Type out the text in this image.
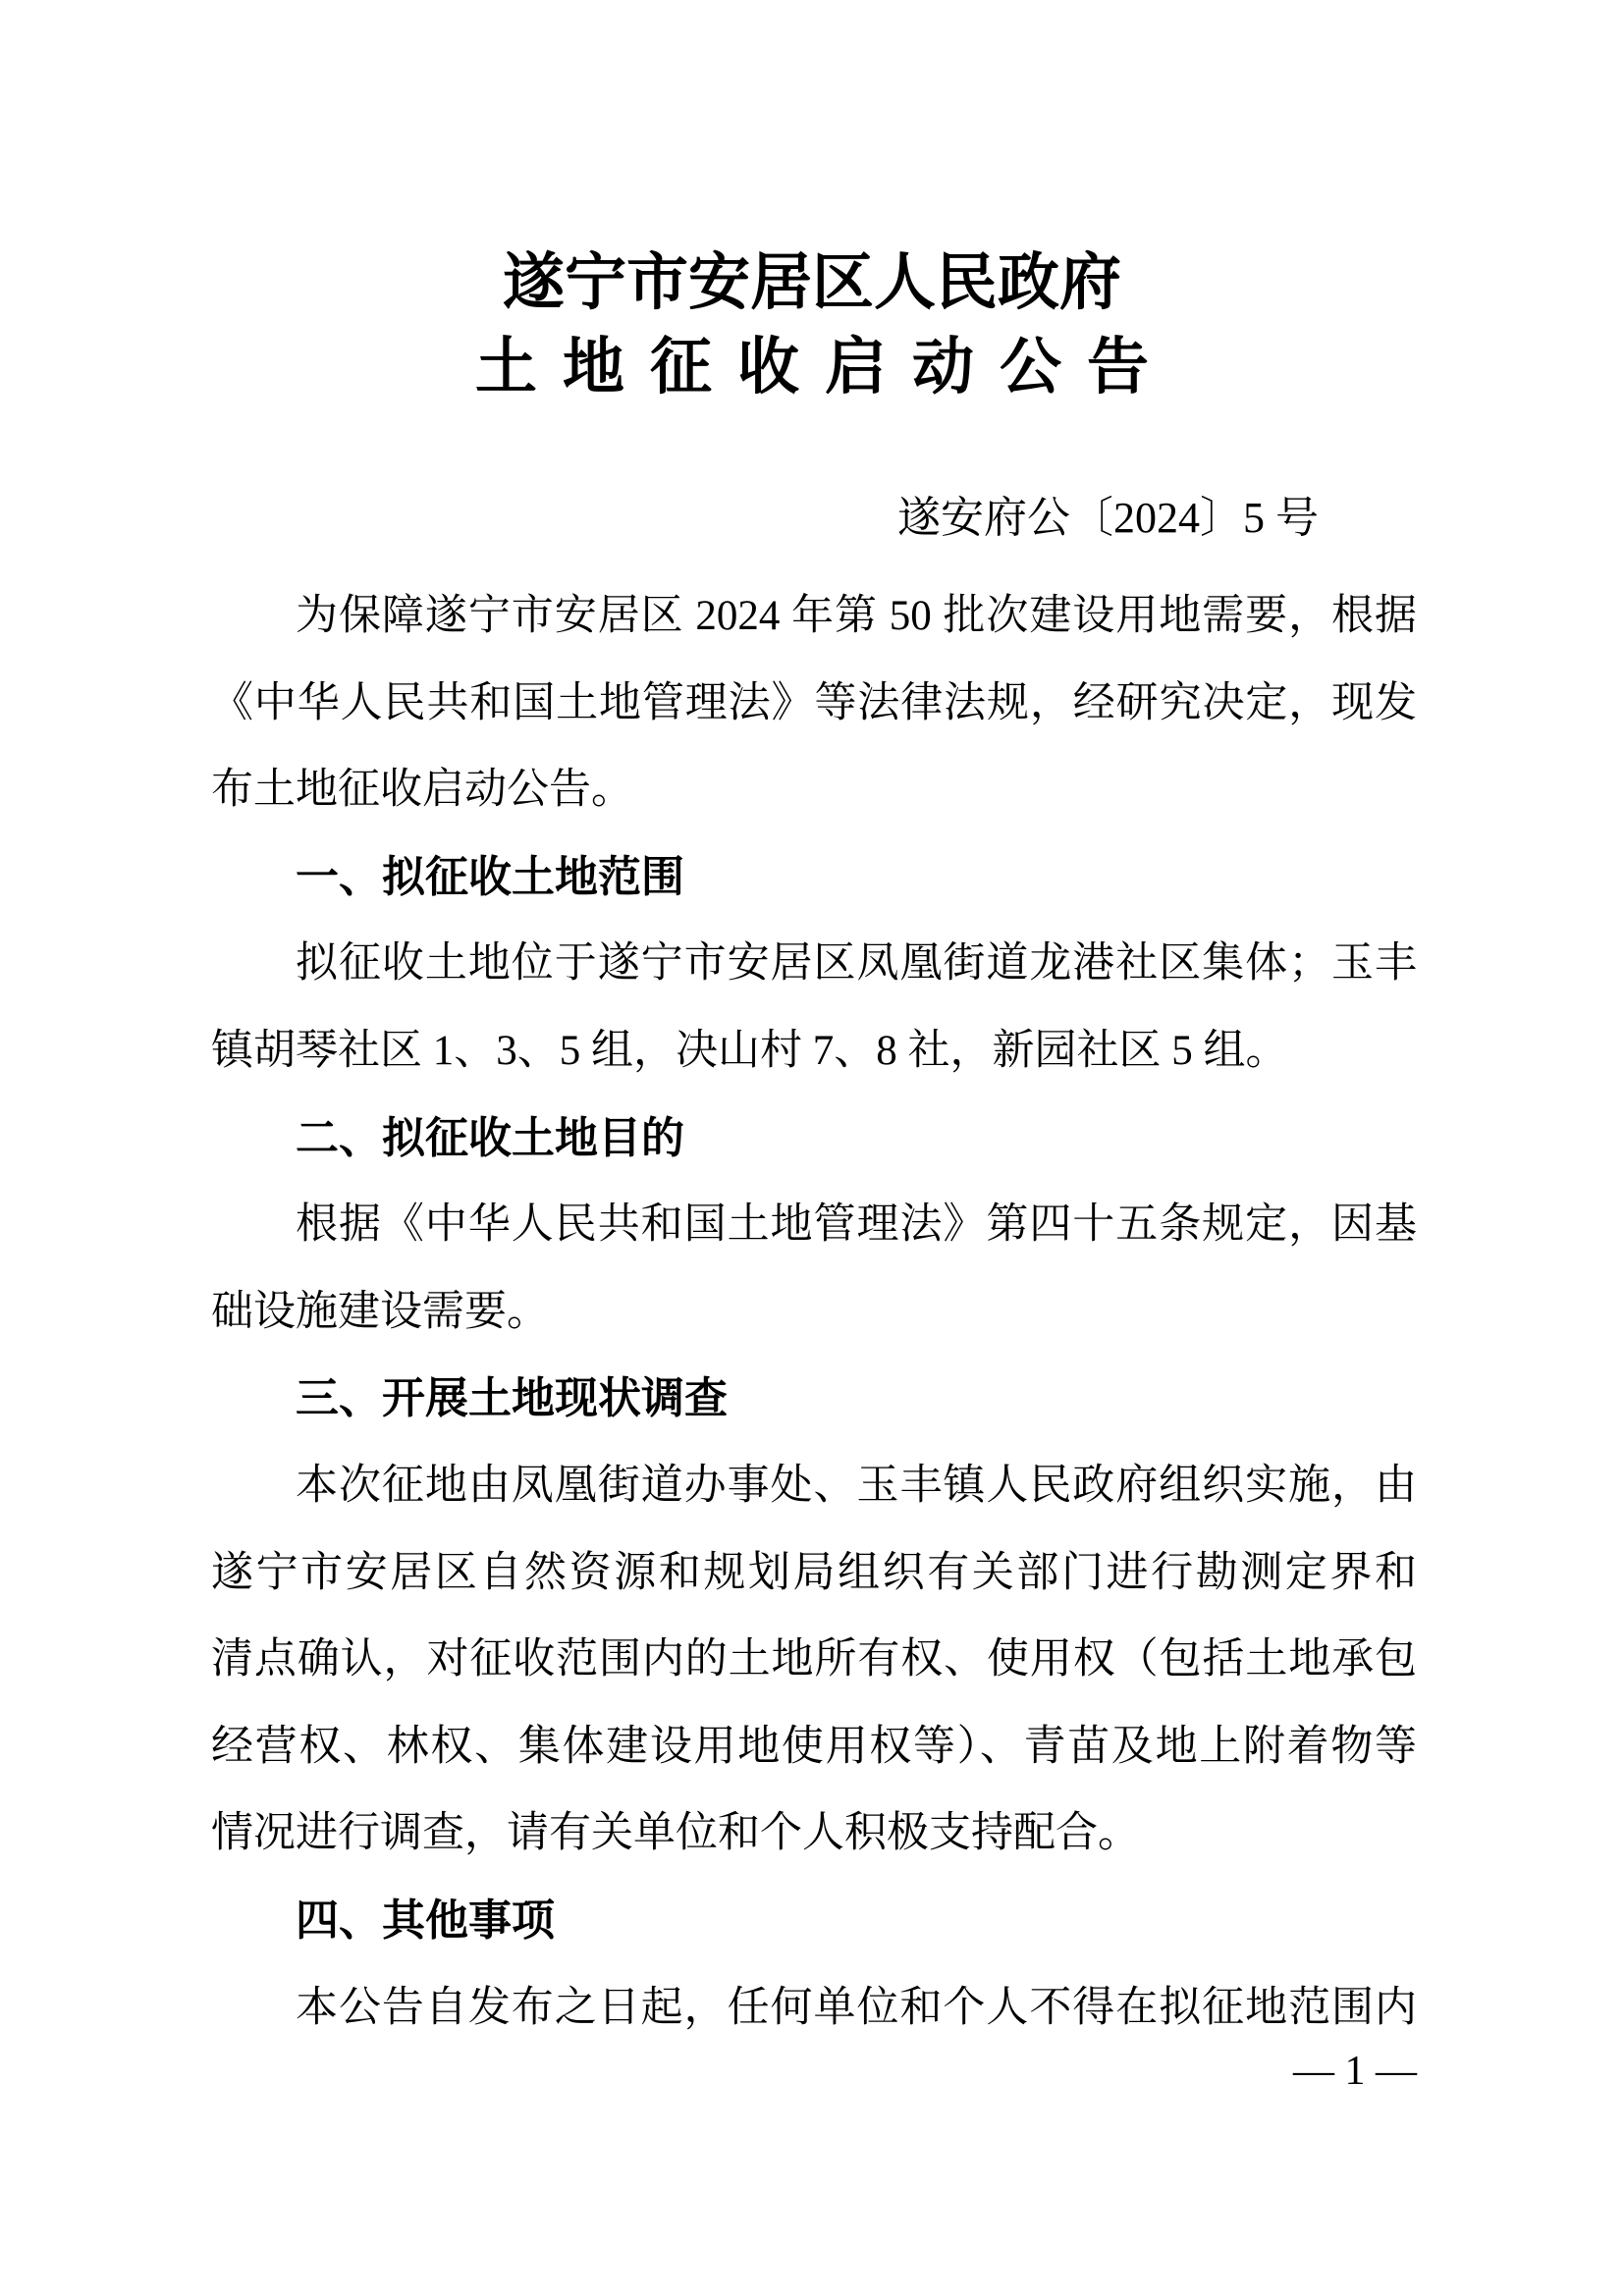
遂宁市安居区人民政府
土地征收启动公告
遂安府公〔2024〕5 号
为保障遂宁市安居区 2024 年第 50 批次建设用地需要，根据
《中华人民共和国土地管理法》等法律法规，经研究决定，现发
布土地征收启动公告。
一、拟征收土地范围
拟征收土地位于遂宁市安居区凤凰街道龙港社区集体；玉丰
镇胡琴社区 1、3、5 组，决山村 7、8 社，新园社区 5 组。
二、拟征收土地目的
根据《中华人民共和国土地管理法》第四十五条规定，因基
础设施建设需要。
三、开展土地现状调查
本次征地由凤凰街道办事处、玉丰镇人民政府组织实施，由
遂宁市安居区自然资源和规划局组织有关部门进行勘测定界和
清点确认，对征收范围内的土地所有权、使用权（包括土地承包
经营权、林权、集体建设用地使用权等）、青苗及地上附着物等
情况进行调查，请有关单位和个人积极支持配合。
四、其他事项
本公告自发布之日起，任何单位和个人不得在拟征地范围内
— 1 —
